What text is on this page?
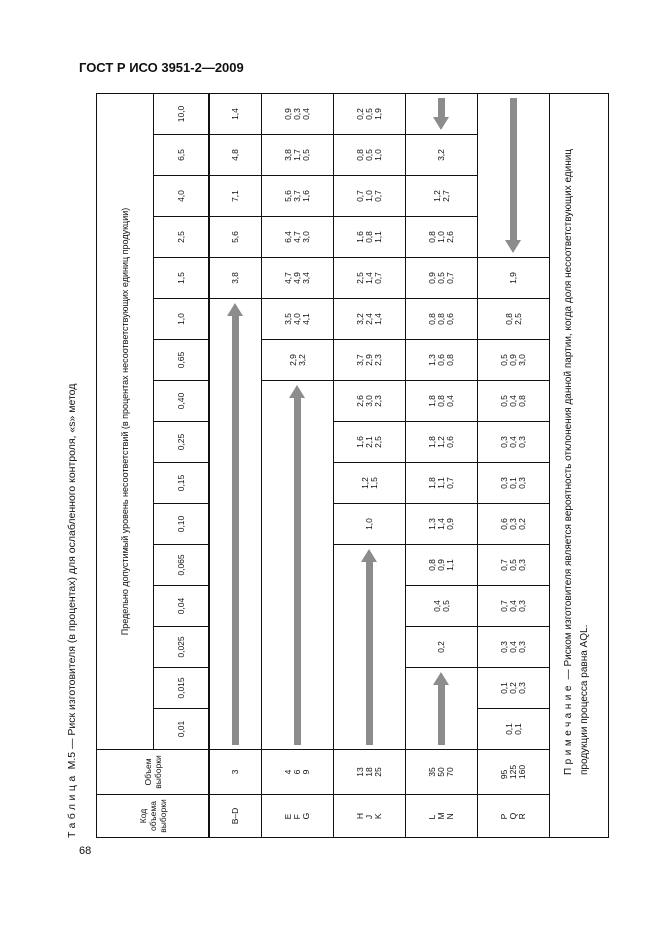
ГОСТ Р ИСО 3951-2—2009
68
Таблица M.5 — Риск изготовителя (в процентах) для ослабленного контроля, «s» метод
Код объема выборки	Объем выборки	Предельно допустимый уровень несоответствий (в процентах несоответствующих единиц продукции)															
		0,01	0,015	0,025	0,04	0,065	0,10	0,15	0,25	0,40	0,65	1,0	1,5	2,5	4,0	6,5	10,0

B–D	3												3,8	5,6	7,1	4,8	1,4

E F G	4 6 9										2,9 3,2	3,5 4,0 4,1	4,7 4,9 3,4	6,4 4,7 3,0	5,6 3,7 1,6	3,8 1,7 0,5	0,9 0,3 0,4

H J K	13 18 25						1,0	1,2 1,5	1,6 2,1 2,5	2,6 3,0 2,3	3,7 2,9 2,3	3,2 2,4 1,4	2,5 1,4 0,7	1,6 0,8 1,1	0,7 1,0 0,7	0,8 0,5 1,0	0,2 0,5 1,9

L M N	35 50 70			0,2	0,4 0,5	0,8 0,9 1,1	1,3 1,4 0,9	1,8 1,1 0,7	1,8 1,2 0,6	1,8 0,8 0,4	1,3 0,6 0,8	0,8 0,8 0,6	0,9 0,5 0,7	0,8 1,0 2,6	1,2 2,7	3,2	

P Q R	95 125 160	0,1 0,1	0,1 0,2 0,3	0,3 0,4 0,3	0,7 0,4 0,3	0,7 0,5 0,3	0,6 0,3 0,2	0,3 0,1 0,3	0,3 0,4 0,3	0,5 0,4 0,8	0,5 0,9 3,0	0,8 2,5	1,9				

Примечание — Риском изготовителя является вероятность отклонения данной партии, когда доля несоответствующих единиц продукции процесса равна AQL.
